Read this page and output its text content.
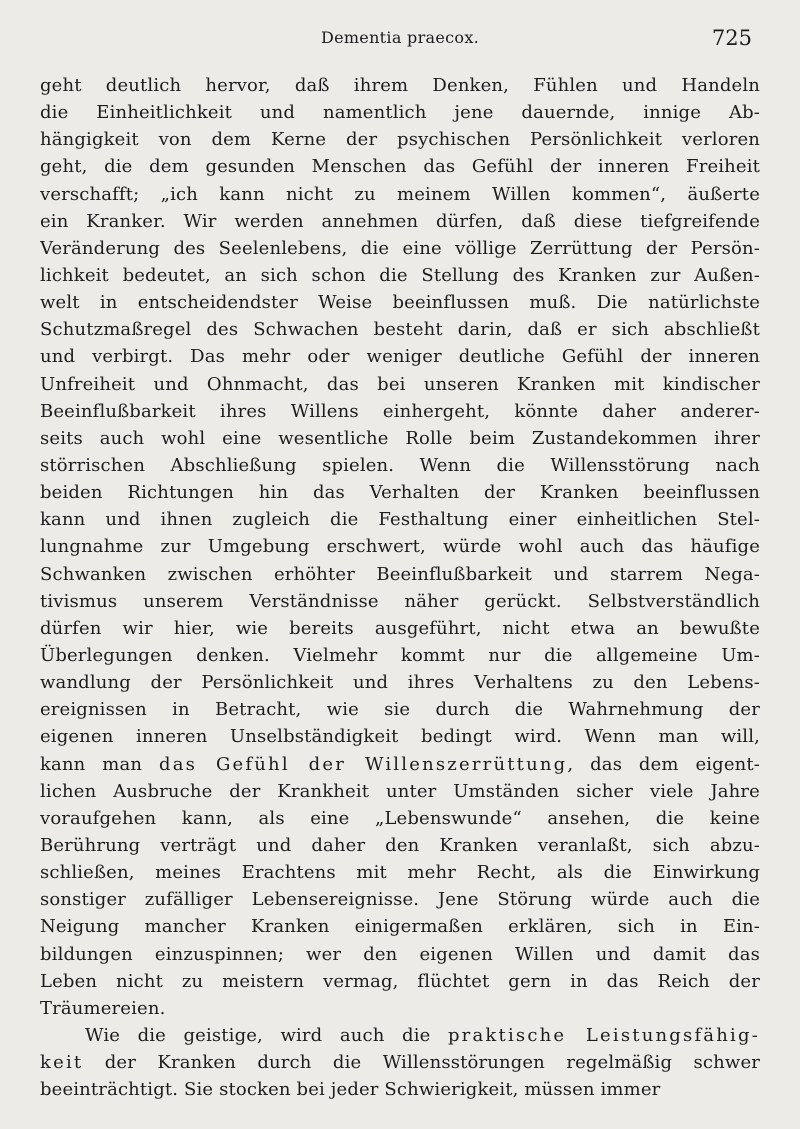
Dementia praecox.	725
geht deutlich hervor, daß ihrem Denken, Fühlen und Handeln
die Einheitlichkeit und namentlich jene dauernde, innige Ab-
hängigkeit von dem Kerne der psychischen Persönlichkeit verloren
geht, die dem gesunden Menschen das Gefühl der inneren Freiheit
verschafft; „ich kann nicht zu meinem Willen kommen“, äußerte
ein Kranker. Wir werden annehmen dürfen, daß diese tiefgreifende
Veränderung des Seelenlebens, die eine völlige Zerrüttung der Persön-
lichkeit bedeutet, an sich schon die Stellung des Kranken zur Außen-
welt in entscheidendster Weise beeinflussen muß. Die natürlichste
Schutzmaßregel des Schwachen besteht darin, daß er sich abschließt
und verbirgt. Das mehr oder weniger deutliche Gefühl der inneren
Unfreiheit und Ohnmacht, das bei unseren Kranken mit kindischer
Beeinflußbarkeit ihres Willens einhergeht, könnte daher anderer-
seits auch wohl eine wesentliche Rolle beim Zustandekommen ihrer
störrischen Abschließung spielen. Wenn die Willensstörung nach
beiden Richtungen hin das Verhalten der Kranken beeinflussen
kann und ihnen zugleich die Festhaltung einer einheitlichen Stel-
lungnahme zur Umgebung erschwert, würde wohl auch das häufige
Schwanken zwischen erhöhter Beeinflußbarkeit und starrem Nega-
tivismus unserem Verständnisse näher gerückt. Selbstverständlich
dürfen wir hier, wie bereits ausgeführt, nicht etwa an bewußte
Überlegungen denken. Vielmehr kommt nur die allgemeine Um-
wandlung der Persönlichkeit und ihres Verhaltens zu den Lebens-
ereignissen in Betracht, wie sie durch die Wahrnehmung der
eigenen inneren Unselbständigkeit bedingt wird. Wenn man will,
kann man das Gefühl der Willenszerrüttung, das dem eigent-
lichen Ausbruche der Krankheit unter Umständen sicher viele Jahre
voraufgehen kann, als eine „Lebenswunde“ ansehen, die keine
Berührung verträgt und daher den Kranken veranlaßt, sich abzu-
schließen, meines Erachtens mit mehr Recht, als die Einwirkung
sonstiger zufälliger Lebensereignisse. Jene Störung würde auch die
Neigung mancher Kranken einigermaßen erklären, sich in Ein-
bildungen einzuspinnen; wer den eigenen Willen und damit das
Leben nicht zu meistern vermag, flüchtet gern in das Reich der
Träumereien.
Wie die geistige, wird auch die praktische Leistungsfähig-
keit der Kranken durch die Willensstörungen regelmäßig schwer
beeinträchtigt. Sie stocken bei jeder Schwierigkeit, müssen immer
